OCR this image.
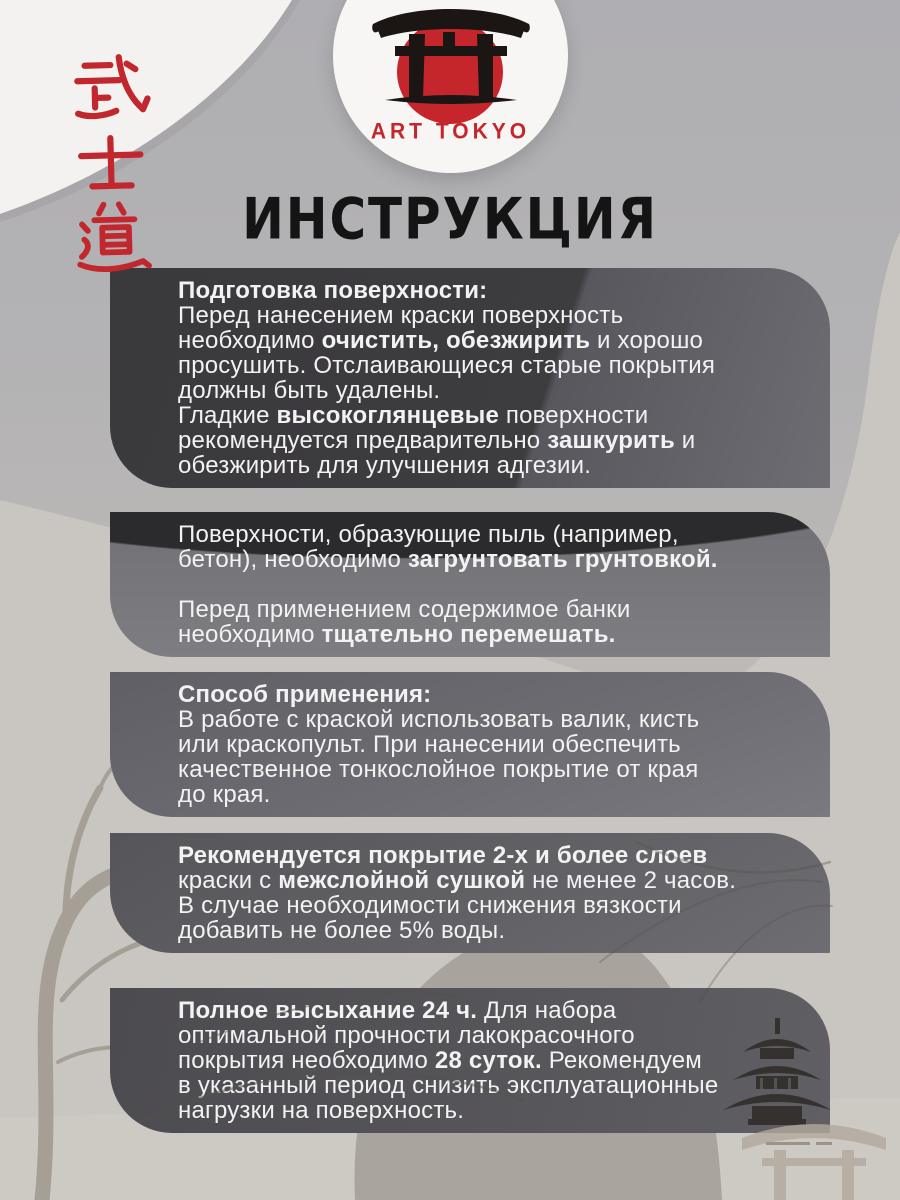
Подготовка поверхности:
Перед нанесением краски поверхность
необходимо очистить, обезжирить и хорошо
просушить. Отслаивающиеся старые покрытия
должны быть удалены.
Гладкие высокоглянцевые поверхности
рекомендуется предварительно зашкурить и
обезжирить для улучшения адгезии.
Поверхности, образующие пыль (например,
бетон), необходимо загрунтовать грунтовкой.
Перед применением содержимое банки
необходимо тщательно перемешать.
Способ применения:
В работе с краской использовать валик, кисть
или краскопульт. При нанесении обеспечить
качественное тонкослойное покрытие от края
до края.
Рекомендуется покрытие 2-х и более слоев
краски с межслойной сушкой не менее 2 часов.
В случае необходимости снижения вязкости
добавить не более 5% воды.
Полное высыхание 24 ч. Для набора
оптимальной прочности лакокрасочного
покрытия необходимо 28 суток. Рекомендуем
в указанный период снизить эксплуатационные
нагрузки на поверхность.
ART TOKYO
ИНСТРУКЦИЯ
